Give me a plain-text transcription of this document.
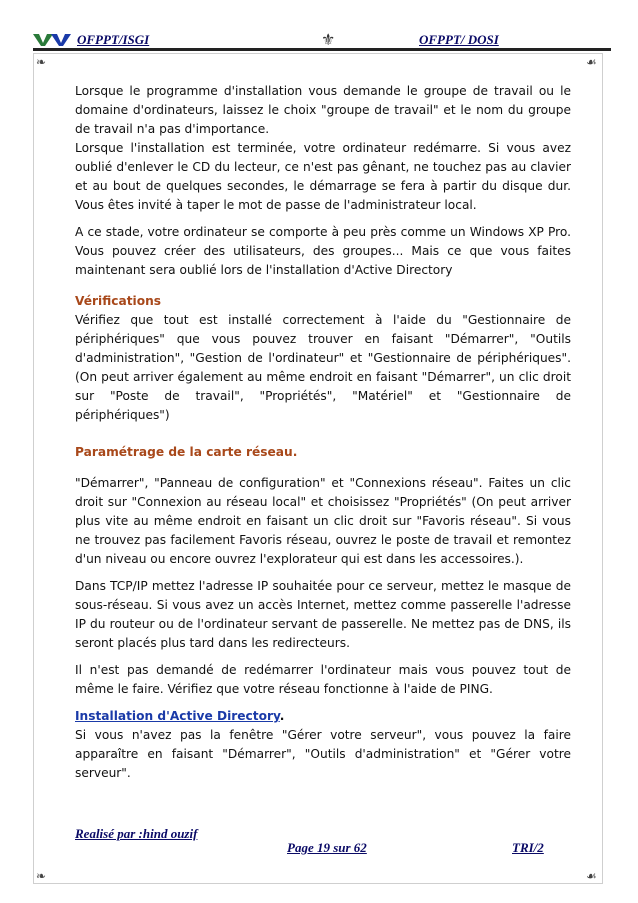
❧	☙
❧	☙
OFPPT/ISGI	⚜	OFPPT/ DOSI

Lorsque le programme d'installation vous demande le groupe de travail ou le domaine d'ordinateurs, laissez le choix "groupe de travail" et le nom du groupe de travail n'a pas d'importance.

Lorsque l'installation est terminée, votre ordinateur redémarre. Si vous avez oublié d'enlever le CD du lecteur, ce n'est pas gênant, ne touchez pas au clavier et au bout de quelques secondes, le démarrage se fera à partir du disque dur. Vous êtes invité à taper le mot de passe de l'administrateur local.

A ce stade, votre ordinateur se comporte à peu près comme un Windows XP Pro. Vous pouvez créer des utilisateurs, des groupes... Mais ce que vous faites maintenant sera oublié lors de l'installation d'Active Directory

Vérifications

Vérifiez que tout est installé correctement à l'aide du "Gestionnaire de périphériques" que vous pouvez trouver en faisant "Démarrer", "Outils d'administration", "Gestion de l'ordinateur" et "Gestionnaire de périphériques". (On peut arriver également au même endroit en faisant "Démarrer", un clic droit sur "Poste de travail", "Propriétés", "Matériel" et "Gestionnaire de périphériques")

Paramétrage de la carte réseau.

"Démarrer", "Panneau de configuration" et "Connexions réseau". Faites un clic droit sur "Connexion au réseau local" et choisissez "Propriétés" (On peut arriver plus vite au même endroit en faisant un clic droit sur "Favoris réseau". Si vous ne trouvez pas facilement Favoris réseau, ouvrez le poste de travail et remontez d'un niveau ou encore ouvrez l'explorateur qui est dans les accessoires.).

Dans TCP/IP mettez l'adresse IP souhaitée pour ce serveur, mettez le masque de sous-réseau. Si vous avez un accès Internet, mettez comme passerelle l'adresse IP du routeur ou de l'ordinateur servant de passerelle. Ne mettez pas de DNS, ils seront placés plus tard dans les redirecteurs.

Il n'est pas demandé de redémarrer l'ordinateur mais vous pouvez tout de même le faire. Vérifiez que votre réseau fonctionne à l'aide de PING.

Installation d'Active Directory.

Si vous n'avez pas la fenêtre "Gérer votre serveur", vous pouvez la faire apparaître en faisant "Démarrer", "Outils d'administration" et "Gérer votre serveur".

Realisé par :hind ouzif
Page 19 sur 62	TRI/2
